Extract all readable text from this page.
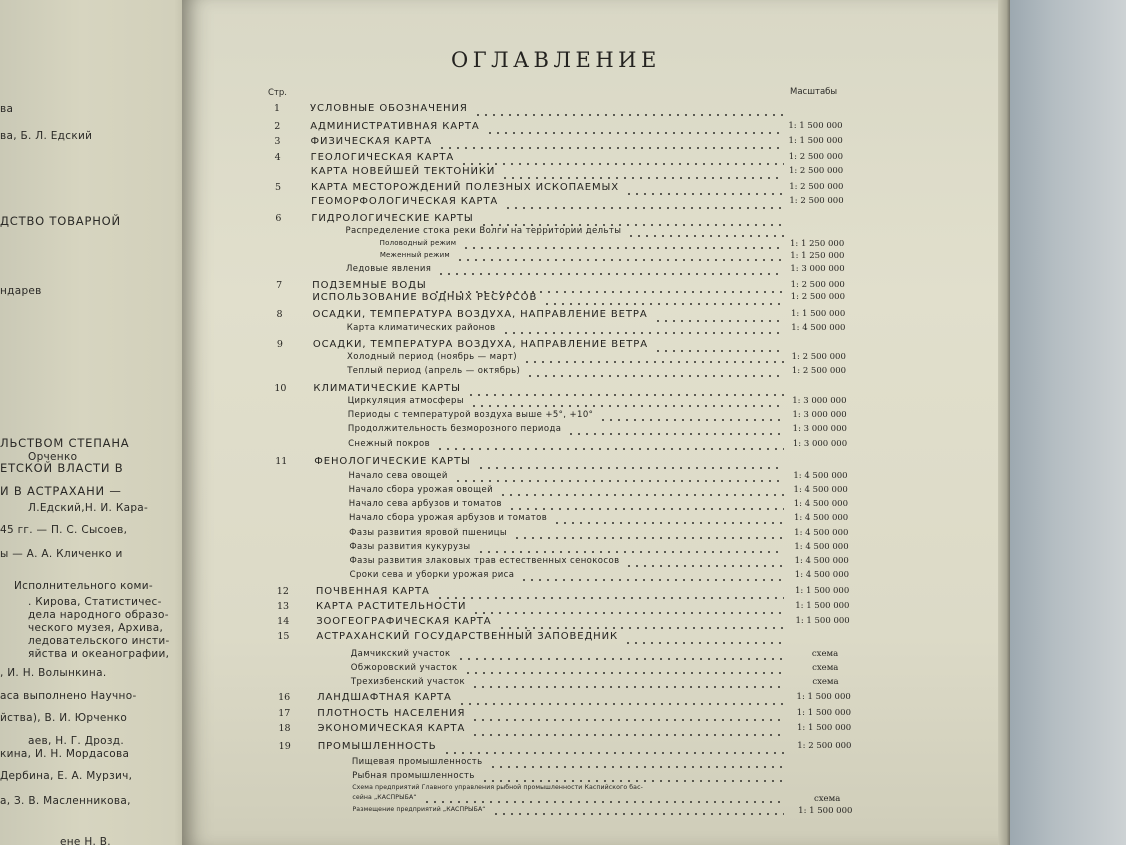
ва
ва, Б. Л. Едский
ДСТВО ТОВАРНОЙ
ндарев
ЛЬСТВОМ СТЕПАНА
Орченко
ЕТСКОЙ ВЛАСТИ В
И В АСТРАХАНИ —
Л.Едский,Н. И. Кара-
45 гг. — П. С. Сысоев,
ы — А. А. Кличенко и
Исполнительного коми-
. Кирова, Статистичес-
дела народного образо-
ческого музея, Архива,
ледовательского инсти-
яйства и океанографии,
, И. Н. Волынкина.
аса выполнено Научно-
йства), В. И. Юрченко
аев, Н. Г. Дрозд.
кина, И. Н. Мордасова
Дербина, Е. А. Мурзич,
а, З. В. Масленникова,
ене Н. В.
ОГЛАВЛЕНИЕ
Стр.	Масштабы
1	УСЛОВНЫЕ ОБОЗНАЧЕНИЯ
2	АДМИНИСТРАТИВНАЯ КАРТА	1: 1 500 000
3	ФИЗИЧЕСКАЯ КАРТА	1: 1 500 000
4	ГЕОЛОГИЧЕСКАЯ КАРТА	1: 2 500 000
КАРТА НОВЕЙШЕЙ ТЕКТОНИКИ	1: 2 500 000
5	КАРТА МЕСТОРОЖДЕНИЙ ПОЛЕЗНЫХ ИСКОПАЕМЫХ	1: 2 500 000
ГЕОМОРФОЛОГИЧЕСКАЯ КАРТА	1: 2 500 000
6	ГИДРОЛОГИЧЕСКИЕ КАРТЫ
Распределение стока реки Волги на территории дельты
Половодный режим	1: 1 250 000
Меженный режим	1: 1 250 000
Ледовые явления	1: 3 000 000
7	ПОДЗЕМНЫЕ ВОДЫ	1: 2 500 000
ИСПОЛЬЗОВАНИЕ ВОДНЫХ РЕСУРСОВ	1: 2 500 000
8	ОСАДКИ, ТЕМПЕРАТУРА ВОЗДУХА, НАПРАВЛЕНИЕ ВЕТРА	1: 1 500 000
Карта климатических районов	1: 4 500 000
9	ОСАДКИ, ТЕМПЕРАТУРА ВОЗДУХА, НАПРАВЛЕНИЕ ВЕТРА
Холодный период (ноябрь — март)	1: 2 500 000
Теплый период (апрель — октябрь)	1: 2 500 000
10	КЛИМАТИЧЕСКИЕ КАРТЫ
Циркуляция атмосферы	1: 3 000 000
Периоды с температурой воздуха выше +5°, +10°	1: 3 000 000
Продолжительность безморозного периода	1: 3 000 000
Снежный покров	1: 3 000 000
11	ФЕНОЛОГИЧЕСКИЕ КАРТЫ
Начало сева овощей	1: 4 500 000
Начало сбора урожая овощей	1: 4 500 000
Начало сева арбузов и томатов	1: 4 500 000
Начало сбора урожая арбузов и томатов	1: 4 500 000
Фазы развития яровой пшеницы	1: 4 500 000
Фазы развития кукурузы	1: 4 500 000
Фазы развития злаковых трав естественных сенокосов	1: 4 500 000
Сроки сева и уборки урожая риса	1: 4 500 000
12	ПОЧВЕННАЯ КАРТА	1: 1 500 000
13	КАРТА РАСТИТЕЛЬНОСТИ	1: 1 500 000
14	ЗООГЕОГРАФИЧЕСКАЯ КАРТА	1: 1 500 000
15	АСТРАХАНСКИЙ ГОСУДАРСТВЕННЫЙ ЗАПОВЕДНИК
Дамчикский участок	схема
Обжоровский участок	схема
Трехизбенский участок	схема
16	ЛАНДШАФТНАЯ КАРТА	1: 1 500 000
17	ПЛОТНОСТЬ НАСЕЛЕНИЯ	1: 1 500 000
18	ЭКОНОМИЧЕСКАЯ КАРТА	1: 1 500 000
19	ПРОМЫШЛЕННОСТЬ	1: 2 500 000
Пищевая промышленность
Рыбная промышленность
Схема предприятий Главного управления рыбной промышленности Каспийского бас-
сейна „КАСПРЫБА“	схема
Размещение предприятий „КАСПРЫБА“	1: 1 500 000
